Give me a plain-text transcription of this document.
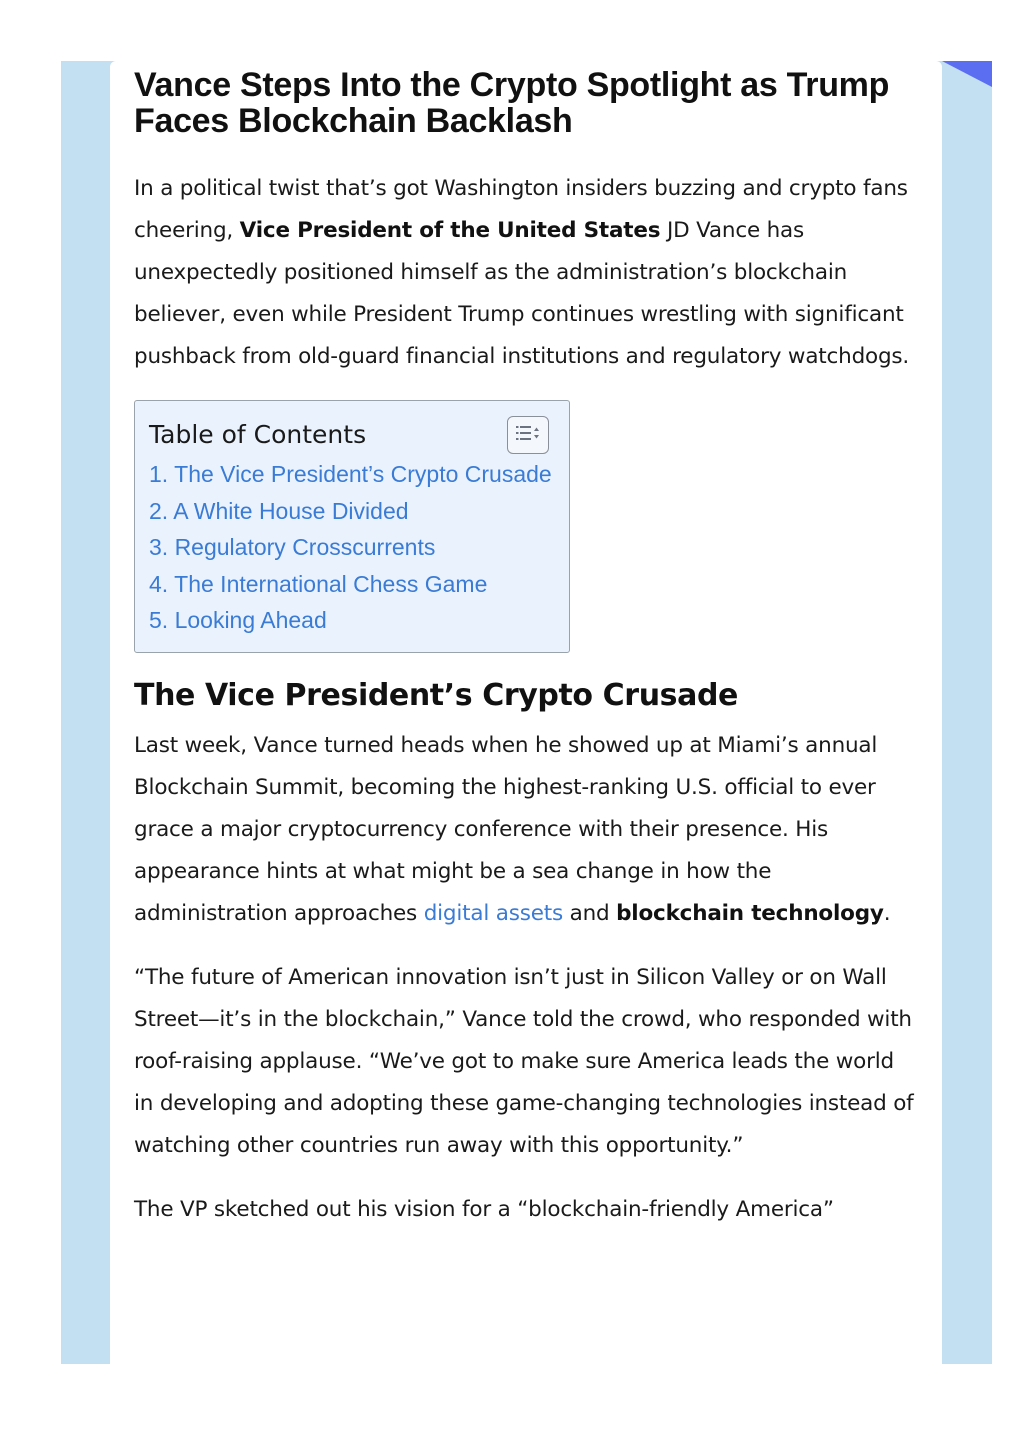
Vance Steps Into the Crypto Spotlight as Trump Faces Blockchain Backlash

In a political twist that’s got Washington insiders buzzing and crypto fans cheering, Vice President of the United States JD Vance has unexpectedly positioned himself as the administration’s blockchain believer, even while President Trump continues wrestling with significant pushback from old-guard financial institutions and regulatory watchdogs.

Table of Contents
1. The Vice President’s Crypto Crusade
2. A White House Divided
3. Regulatory Crosscurrents
4. The International Chess Game
5. Looking Ahead
The Vice President’s Crypto Crusade

Last week, Vance turned heads when he showed up at Miami’s annual Blockchain Summit, becoming the highest-ranking U.S. official to ever grace a major cryptocurrency conference with their presence. His appearance hints at what might be a sea change in how the administration approaches digital assets and blockchain technology.

“The future of American innovation isn’t just in Silicon Valley or on Wall Street—it’s in the blockchain,” Vance told the crowd, who responded with roof-raising applause. “We’ve got to make sure America leads the world in developing and adopting these game-changing technologies instead of watching other countries run away with this opportunity.”

The VP sketched out his vision for a “blockchain-friendly America”
